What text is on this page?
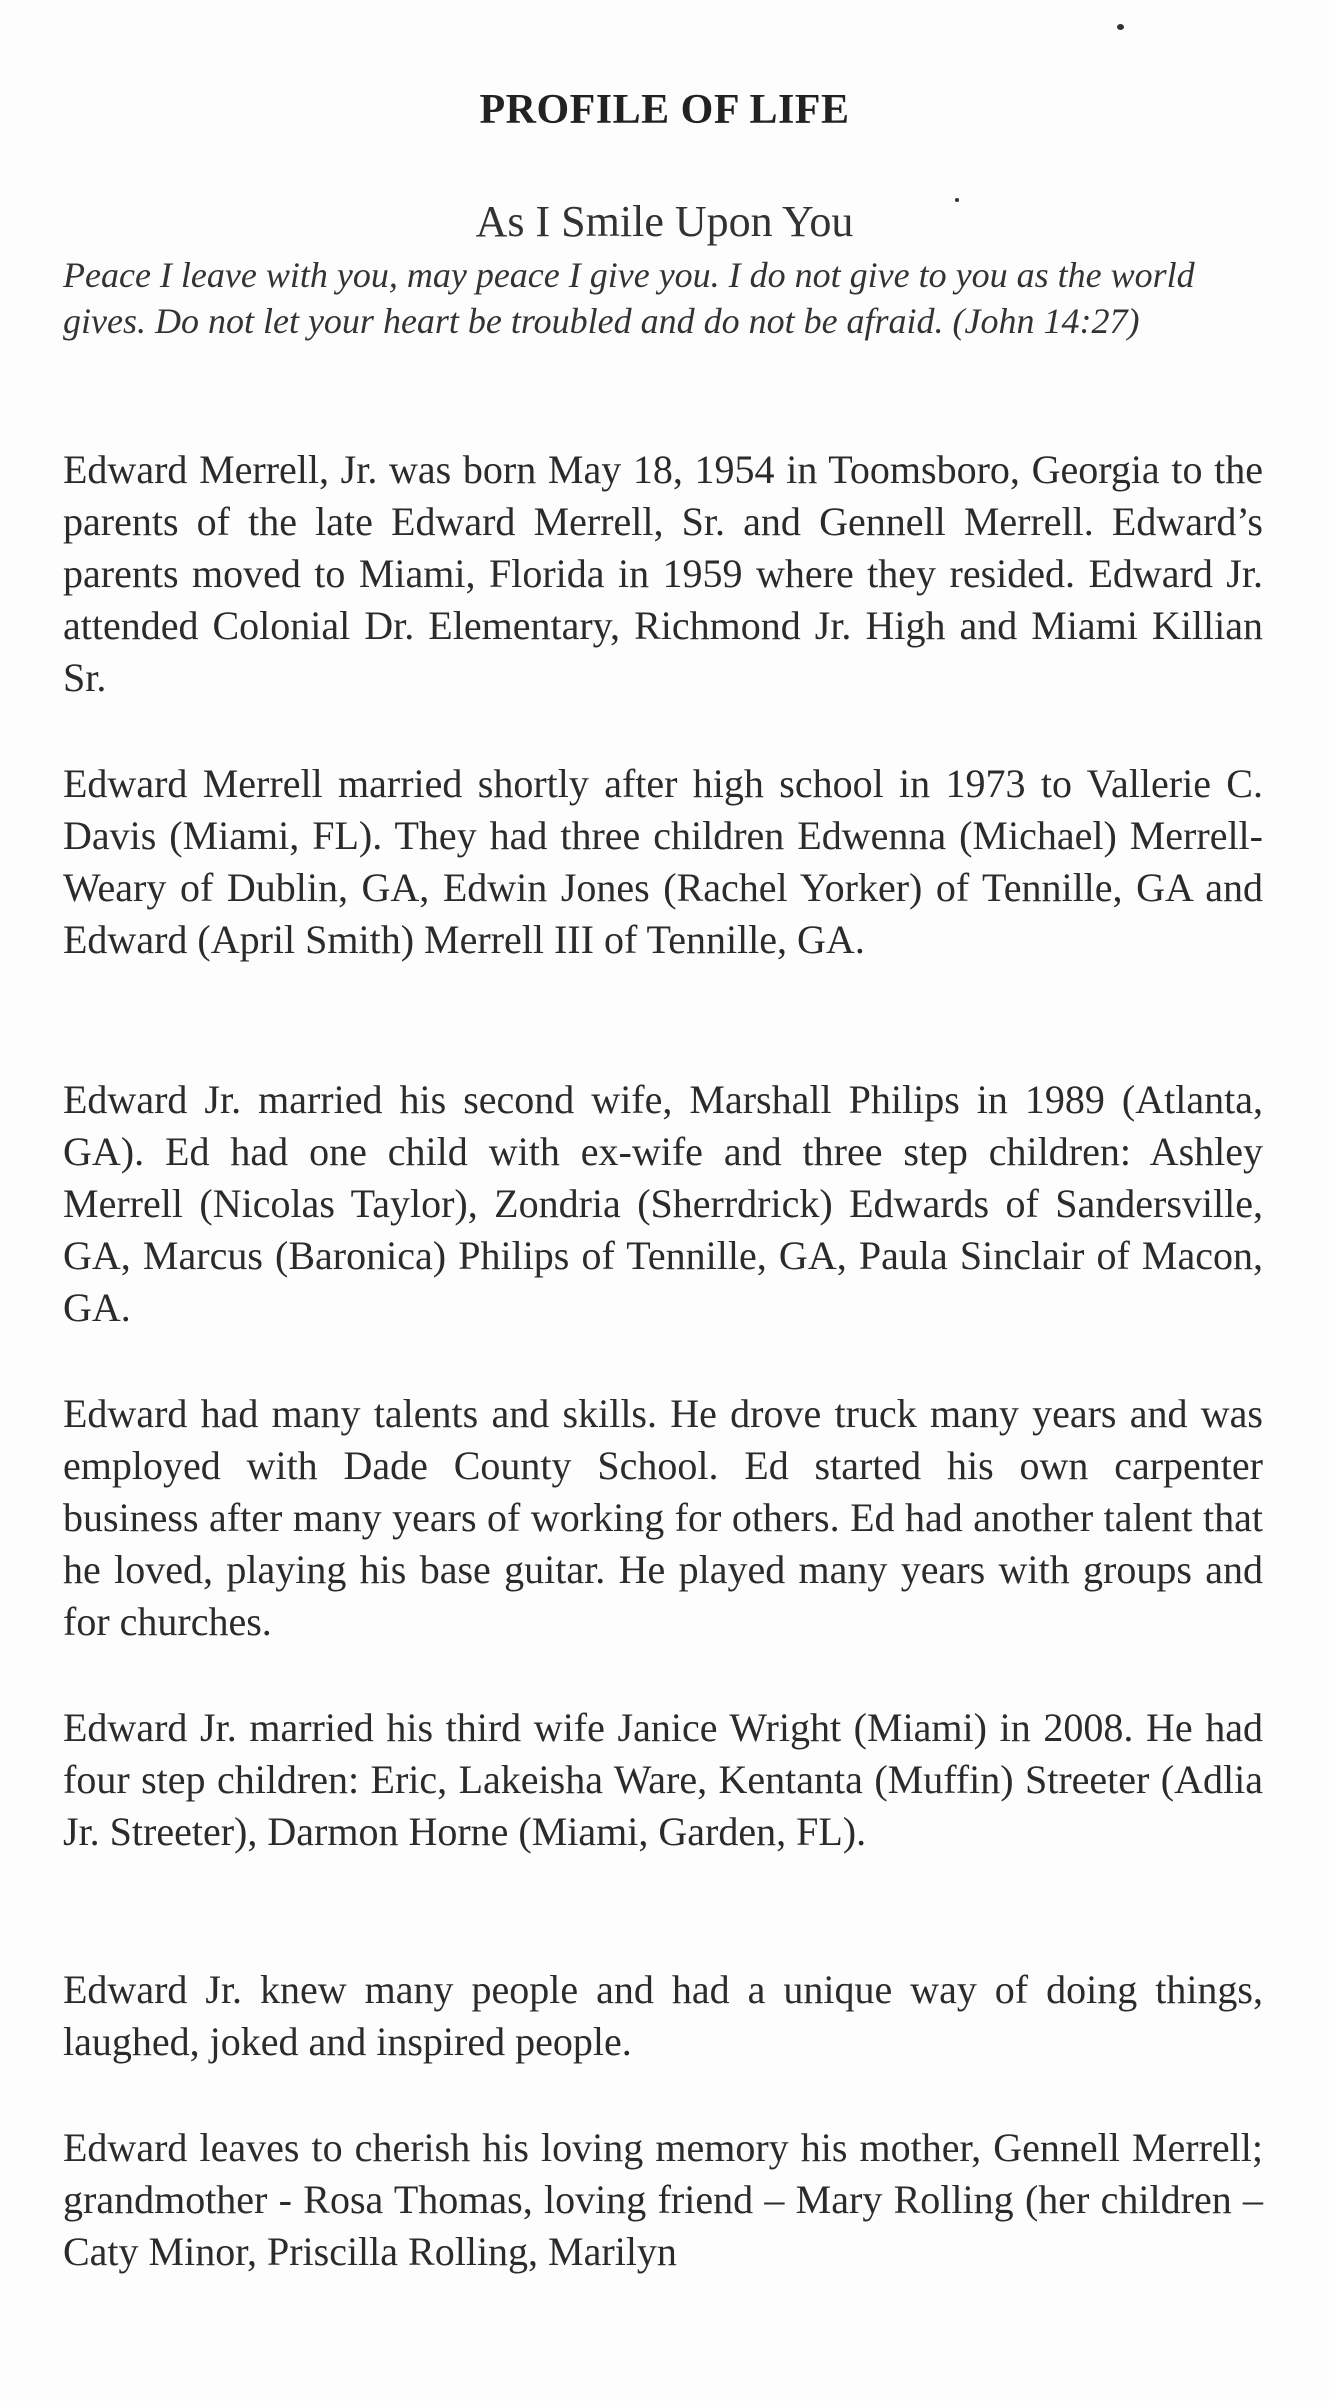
PROFILE OF LIFE
As I Smile Upon You
Peace I leave with you, may peace I give you. I do not give to you as the world gives. Do not let your heart be troubled and do not be afraid. (John 14:27)
Edward Merrell, Jr. was born May 18, 1954 in Toomsboro, Georgia to the parents of the late Edward Merrell, Sr. and Gennell Merrell. Edward’s parents moved to Miami, Florida in 1959 where they resided. Edward Jr. attended Colonial Dr. Elementary, Richmond Jr. High and Miami Killian Sr.
Edward Merrell married shortly after high school in 1973 to Vallerie C. Davis (Miami, FL). They had three children Edwenna (Michael) Merrell-Weary of Dublin, GA, Edwin Jones (Rachel Yorker) of Tennille, GA and Edward (April Smith) Merrell III of Tennille, GA.
Edward Jr. married his second wife, Marshall Philips in 1989 (Atlanta, GA). Ed had one child with ex-wife and three step children: Ashley Merrell (Nicolas Taylor), Zondria (Sherrdrick) Edwards of Sandersville, GA, Marcus (Baronica) Philips of Tennille, GA, Paula Sinclair of Macon, GA.
Edward had many talents and skills. He drove truck many years and was employed with Dade County School. Ed started his own carpenter business after many years of working for others. Ed had another talent that he loved, playing his base guitar. He played many years with groups and for churches.
Edward Jr. married his third wife Janice Wright (Miami) in 2008. He had four step children: Eric, Lakeisha Ware, Kentanta (Muffin) Streeter (Adlia Jr. Streeter), Darmon Horne (Miami, Garden, FL).
Edward Jr. knew many people and had a unique way of doing things, laughed, joked and inspired people.
Edward leaves to cherish his loving memory his mother, Gennell Merrell; grandmother - Rosa Thomas, loving friend – Mary Rolling (her children – Caty Minor, Priscilla Rolling, Marilyn
